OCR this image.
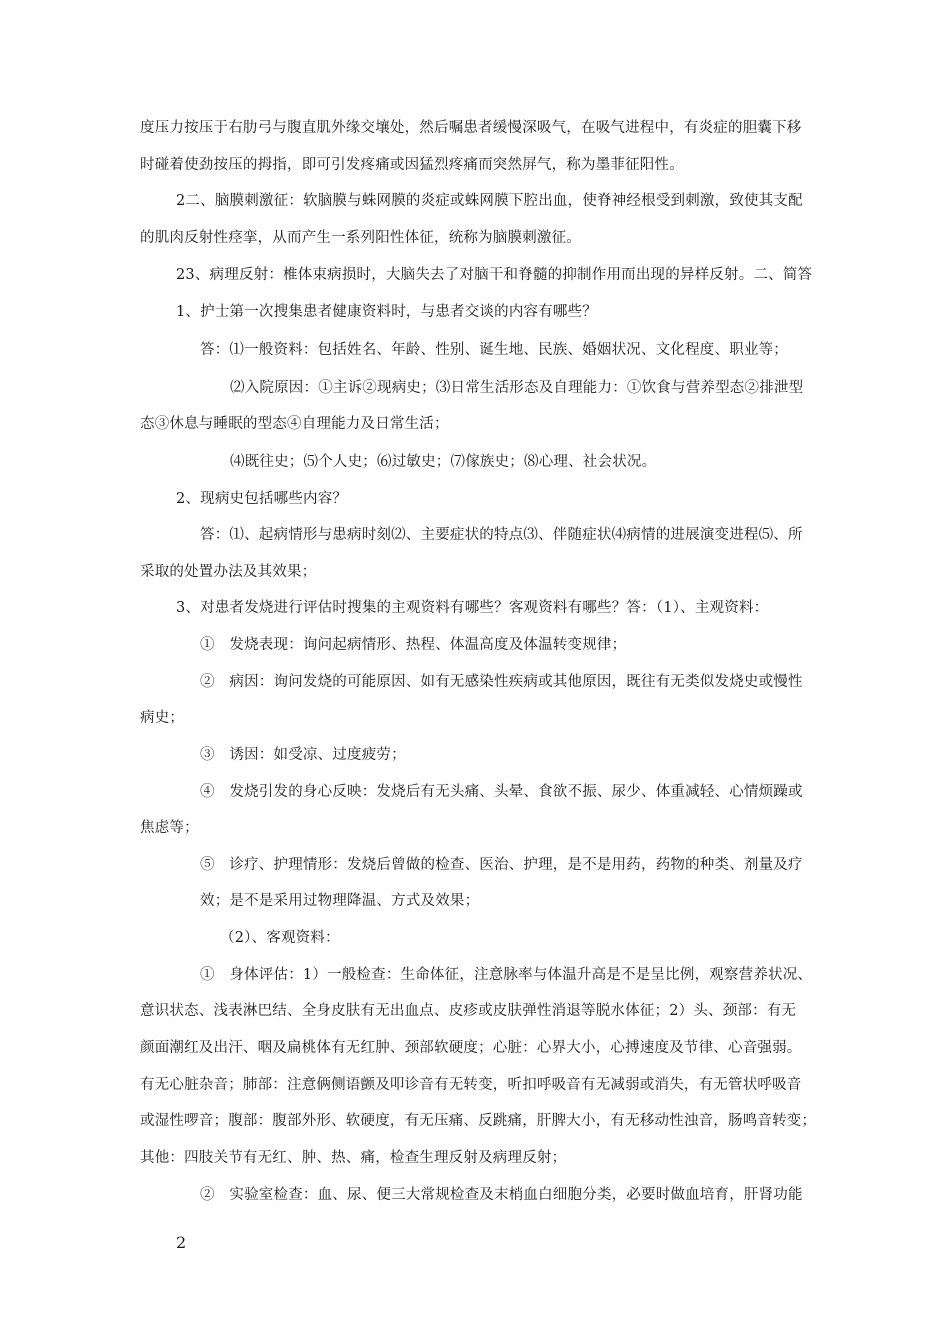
度压力按压于右肋弓与腹直肌外缘交壤处，然后嘱患者缓慢深吸气，在吸气进程中，有炎症的胆囊下移
时碰着使劲按压的拇指，即可引发疼痛或因猛烈疼痛而突然屏气，称为墨菲征阳性。
2二、脑膜刺激征：软脑膜与蛛网膜的炎症或蛛网膜下腔出血，使脊神经根受到刺激，致使其支配
的肌肉反射性痉挛，从而产生一系列阳性体征，统称为脑膜刺激征。
23、病理反射：椎体束病损时，大脑失去了对脑干和脊髓的抑制作用而出现的异样反射。二、简答
1、护士第一次搜集患者健康资料时，与患者交谈的内容有哪些？
答：⑴一般资料：包括姓名、年龄、性别、诞生地、民族、婚姻状况、文化程度、职业等；
⑵入院原因：①主诉②现病史；⑶日常生活形态及自理能力：①饮食与营养型态②排泄型
态③休息与睡眠的型态④自理能力及日常生活；
⑷既往史；⑸个人史；⑹过敏史；⑺傢族史；⑻心理、社会状况。
2、现病史包括哪些内容？
答：⑴、起病情形与患病时刻⑵、主要症状的特点⑶、伴随症状⑷病情的进展演变进程⑸、所
采取的处置办法及其效果；
3、对患者发烧进行评估时搜集的主观资料有哪些？客观资料有哪些？答：（1）、主观资料：
①　发烧表现：询问起病情形、热程、体温高度及体温转变规律；
②　病因：询问发烧的可能原因、如有无感染性疾病或其他原因，既往有无类似发烧史或慢性
病史；
③　诱因：如受凉、过度疲劳；
④　发烧引发的身心反映：发烧后有无头痛、头晕、食欲不振、尿少、体重减轻、心情烦躁或
焦虑等；
⑤　诊疗、护理情形：发烧后曾做的检查、医治、护理，是不是用药，药物的种类、剂量及疗
效；是不是采用过物理降温、方式及效果；
（2）、客观资料：
①　身体评估：1）一般检查：生命体征，注意脉率与体温升高是不是呈比例，观察营养状况、
意识状态、浅表淋巴结、全身皮肤有无出血点、皮疹或皮肤弹性消退等脱水体征；2）头、颈部：有无
颜面潮红及出汗、咽及扁桃体有无红肿、颈部软硬度；心脏：心界大小，心搏速度及节律、心音强弱。
有无心脏杂音；肺部：注意俩侧语颤及叩诊音有无转变，听扣呼吸音有无减弱或消失，有无管状呼吸音
或湿性啰音；腹部：腹部外形、软硬度，有无压痛、反跳痛，肝脾大小，有无移动性浊音，肠鸣音转变；
其他：四肢关节有无红、肿、热、痛，检查生理反射及病理反射；
②　实验室检查：血、尿、便三大常规检查及末梢血白细胞分类，必要时做血培育，肝肾功能
2
